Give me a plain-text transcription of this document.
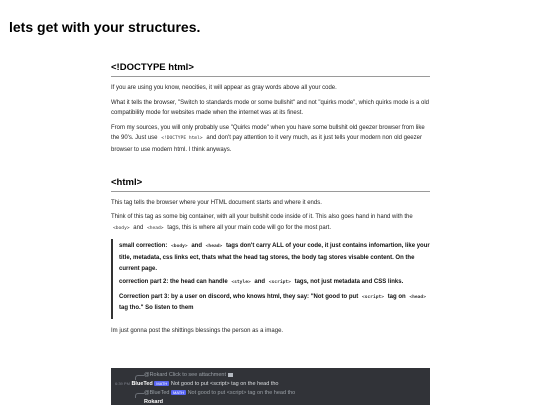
lets get with your structures.
<!DOCTYPE html>

If you are using you know, neocities, it will appear as gray words above all your code.

What it tells the browser, "Switch to standards mode or some bullshit" and not "quirks mode", which quirks mode is a old compatibility mode for websites made when the internet was at its finest.

From my sources, you will only probably use "Quirks mode" when you have some bullshit old geezer browser from like the 90's. Just use <!DOCTYPE html> and don't pay attention to it very much, as it just tells your modern non old geezer browser to use modern html. I think anyways.

<html>

This tag tells the browser where your HTML document starts and where it ends.

Think of this tag as some big container, with all your bullshit code inside of it. This also goes hand in hand with the <body> and <head> tags, this is where all your main code will go for the most part.

small correction: <body> and <head> tags don't carry ALL of your code, it just contains infomartion, like your title, metadata, css links ect, thats what the head tag stores, the body tag stores visable content. On the current page.

correction part 2: the head can handle <style> and <script> tags, not just metadata and CSS links.

Correction part 3: by a user on discord, who knows html, they say: "Not good to put <script> tag on <head> tag tho." So listen to them

Im just gonna post the shittings blessings the person as a image.

@Rokard Click to see attachment
6:39 PM BlueTed MATH Not good to put <script> tag on the head tho
@BlueTed MATH Not good to put <script> tag on the head tho
Rokard
